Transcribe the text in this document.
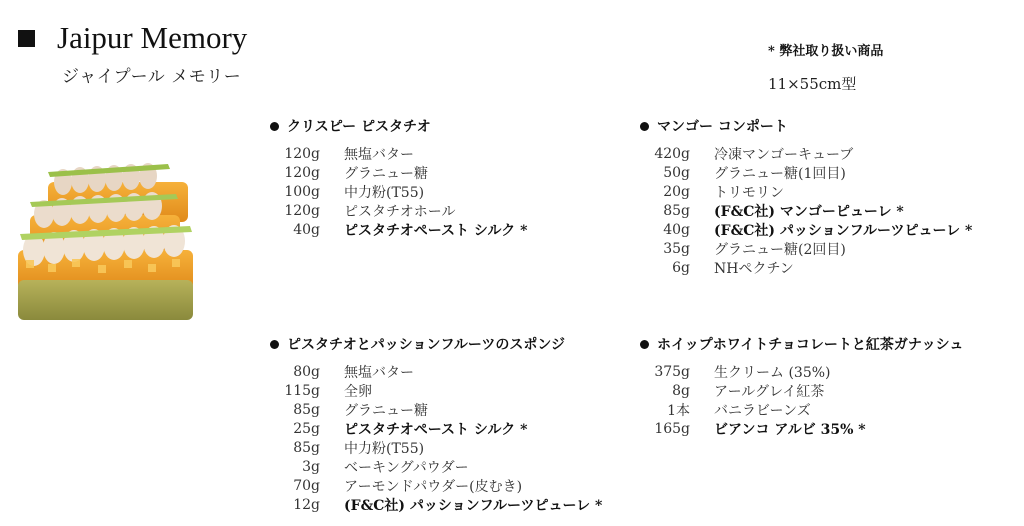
Jaipur Memory
ジャイプール メモリー
* 弊社取り扱い商品
11×55cm型
クリスピー ピスタチオ
120g 無塩バター
120g グラニュー糖
100g 中力粉(T55)
120g ピスタチオホール
40g ピスタチオペースト シルク *
マンゴー コンポート
420g 冷凍マンゴーキューブ
50g グラニュー糖(1回目)
20g トリモリン
85g (F&C社) マンゴーピューレ *
40g (F&C社) パッションフルーツピューレ *
35g グラニュー糖(2回目)
6g NHペクチン
ピスタチオとパッションフルーツのスポンジ
80g 無塩バター
115g 全卵
85g グラニュー糖
25g ピスタチオペースト シルク *
85g 中力粉(T55)
3g ベーキングパウダー
70g アーモンドパウダー(皮むき)
12g (F&C社) パッションフルーツピューレ *
ホイップホワイトチョコレートと紅茶ガナッシュ
375g 生クリーム (35%)
8g アールグレイ紅茶
1本 バニラビーンズ
165g ビアンコ アルビ 35% *
